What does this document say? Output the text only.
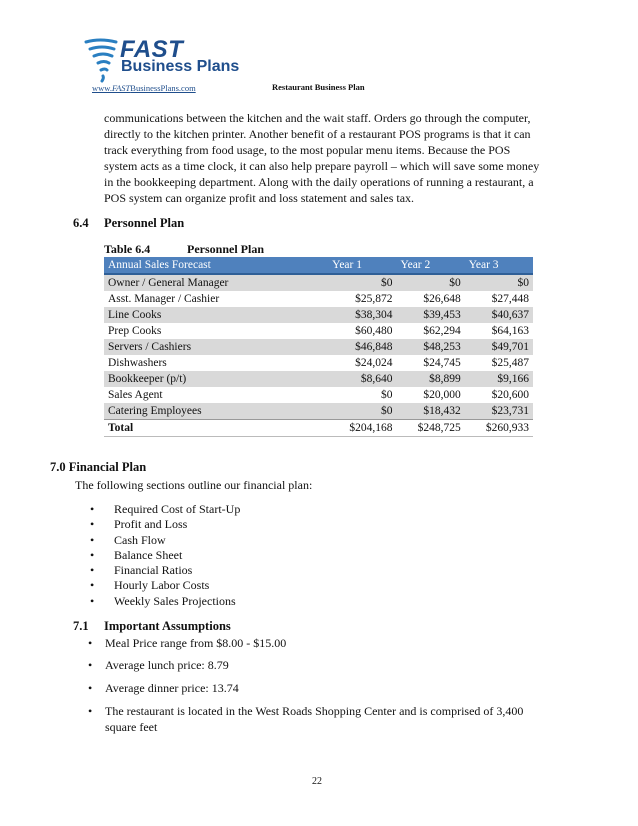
FAST
Business Plans
www.FASTBusinessPlans.com	Restaurant Business Plan
communications between the kitchen and the wait staff. Orders go through the computer,
directly to the kitchen printer. Another benefit of a restaurant POS programs is that it can
track everything from food usage, to the most popular menu items. Because the POS
system acts as a time clock, it can also help prepare payroll – which will save some money
in the bookkeeping department. Along with the daily operations of running a restaurant, a
POS system can organize profit and loss statement and sales tax.
6.4 Personnel Plan
Table 6.4	Personnel Plan
Annual Sales Forecast	Year 1	Year 2	Year 3
Owner / General Manager	$0	$0	$0
Asst. Manager / Cashier	$25,872	$26,648	$27,448
Line Cooks	$38,304	$39,453	$40,637
Prep Cooks	$60,480	$62,294	$64,163
Servers / Cashiers	$46,848	$48,253	$49,701
Dishwashers	$24,024	$24,745	$25,487
Bookkeeper (p/t)	$8,640	$8,899	$9,166
Sales Agent	$0	$20,000	$20,600
Catering Employees	$0	$18,432	$23,731
Total	$204,168	$248,725	$260,933
7.0 Financial Plan
The following sections outline our financial plan:
• Required Cost of Start-Up
• Profit and Loss
• Cash Flow
• Balance Sheet
• Financial Ratios
• Hourly Labor Costs
• Weekly Sales Projections
7.1 Important Assumptions
• Meal Price range from $8.00 - $15.00
• Average lunch price: 8.79
• Average dinner price: 13.74
• The restaurant is located in the West Roads Shopping Center and is comprised of 3,400
square feet
22
